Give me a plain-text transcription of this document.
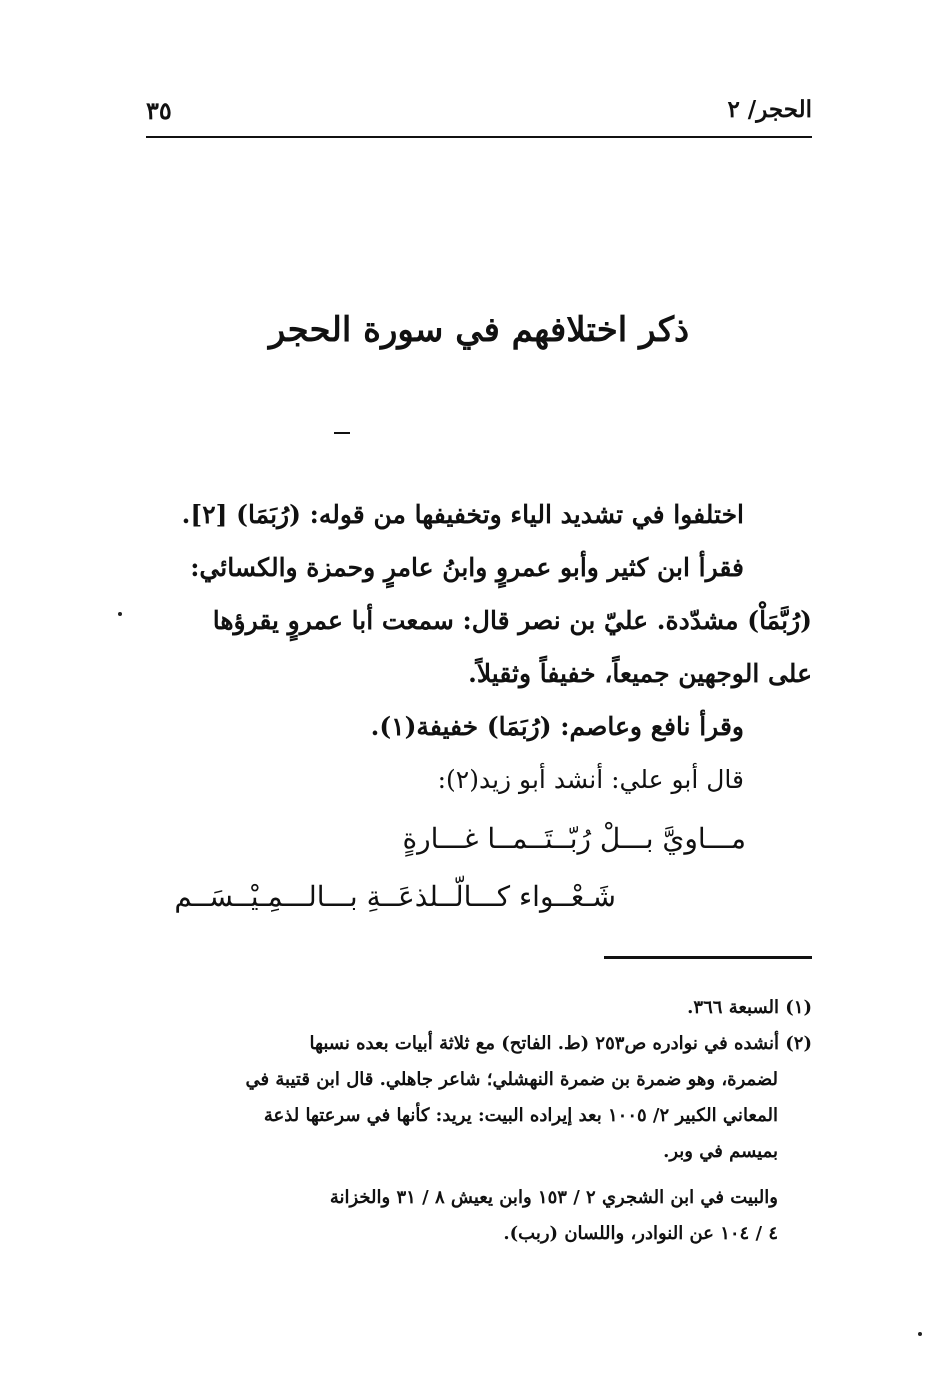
٣٥	الحجر/ ٢
ذكر اختلافهم في سورة الحجر
اختلفوا في تشديد الياء وتخفيفها من قوله: (رُبَمَا) [٢].
فقرأ ابن كثير وأبو عمروٍ وابنُ عامرٍ وحمزة والكسائي:
(رُبَّمَاْ) مشدّدة. عليّ بن نصر قال: سمعت أبا عمروٍ يقرؤها
على الوجهين جميعاً، خفيفاً وثقيلاً.
وقرأ نافع وعاصم: (رُبَمَا) خفيفة(١).
قال أبو علي: أنشد أبو زيد(٢):
مـــاويَّ بـــلْ رُبّــتَــمــا غـــارةٍ
شَـعْــواء كـــالّــلذعَــةِ بـــالـــمِـيْــسَــم
(١) السبعة ٣٦٦.
(٢) أنشده في نوادره ص٢٥٣ (ط. الفاتح) مع ثلاثة أبيات بعده نسبها
لضمرة، وهو ضمرة بن ضمرة النهشلي؛ شاعر جاهلي. قال ابن قتيبة في
المعاني الكبير ٢/ ١٠٠٥ بعد إيراده البيت: يريد: كأنها في سرعتها لذعة
بميسم في وبر.
والبيت في ابن الشجري ٢ / ١٥٣ وابن يعيش ٨ / ٣١ والخزانة
٤ / ١٠٤ عن النوادر، واللسان (ربب).
